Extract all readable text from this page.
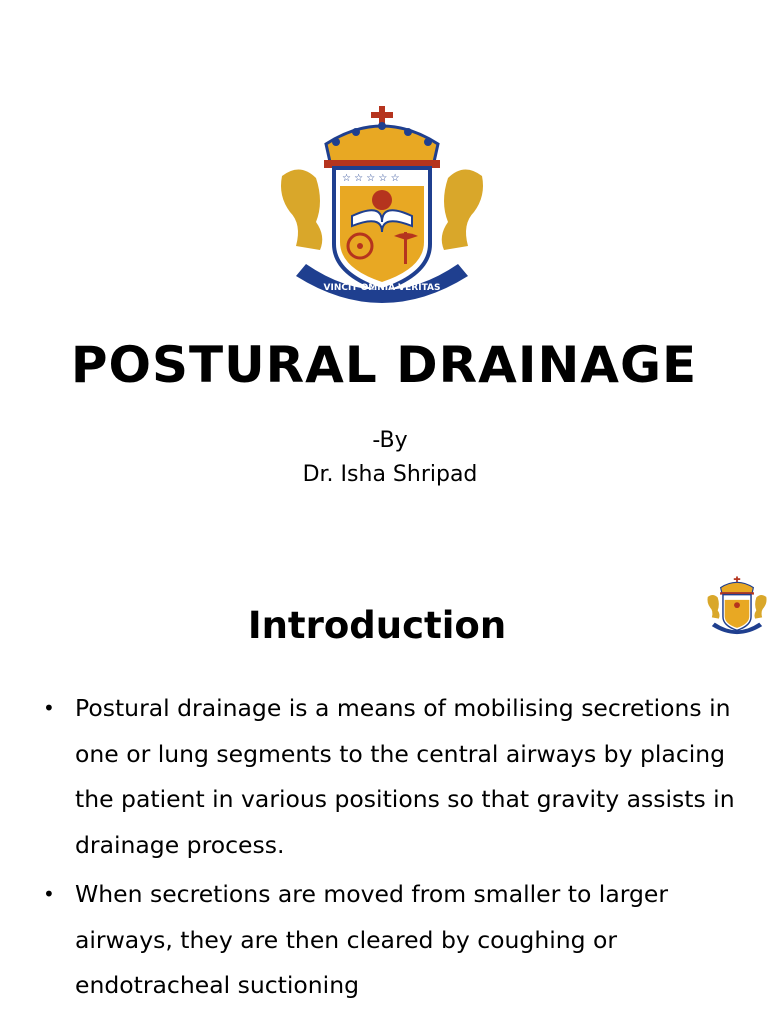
☆ ☆ ☆ ☆ ☆
VINCIT OMNIA VERITAS
POSTURAL DRAINAGE
-By
Dr. Isha Shripad
Introduction
• Postural drainage is a means of mobilising secretions in one or lung segments to the central airways by placing the patient in various positions so that gravity assists in drainage process.
• When secretions are moved from smaller to larger airways, they are then cleared by coughing or endotracheal suctioning
